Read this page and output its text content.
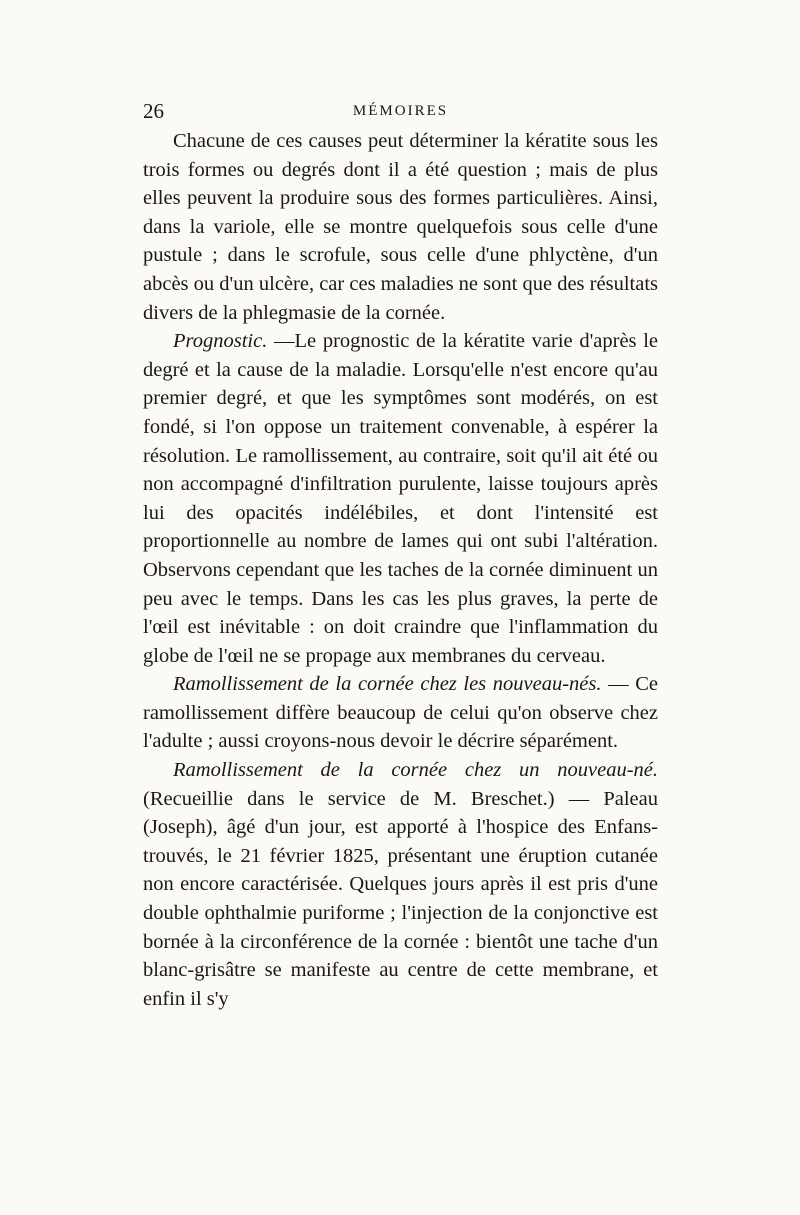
26	MÉMOIRES

Chacune de ces causes peut déterminer la kératite sous les trois formes ou degrés dont il a été question ; mais de plus elles peuvent la produire sous des formes particulières. Ainsi, dans la variole, elle se montre quelquefois sous celle d'une pustule ; dans le scrofule, sous celle d'une phlyctène, d'un abcès ou d'un ulcère, car ces maladies ne sont que des résultats divers de la phlegmasie de la cornée.

Prognostic. —Le prognostic de la kératite varie d'après le degré et la cause de la maladie. Lorsqu'elle n'est encore qu'au premier degré, et que les symptômes sont modérés, on est fondé, si l'on oppose un traitement convenable, à espérer la résolution. Le ramollissement, au contraire, soit qu'il ait été ou non accompagné d'infiltration purulente, laisse toujours après lui des opacités indélébiles, et dont l'intensité est proportionnelle au nombre de lames qui ont subi l'altération. Observons cependant que les taches de la cornée diminuent un peu avec le temps. Dans les cas les plus graves, la perte de l'œil est inévitable : on doit craindre que l'inflammation du globe de l'œil ne se propage aux membranes du cerveau.

Ramollissement de la cornée chez les nouveau-nés. — Ce ramollissement diffère beaucoup de celui qu'on observe chez l'adulte ; aussi croyons-nous devoir le décrire séparément.

Ramollissement de la cornée chez un nouveau-né. (Recueillie dans le service de M. Breschet.) — Paleau (Joseph), âgé d'un jour, est apporté à l'hospice des Enfans-trouvés, le 21 février 1825, présentant une éruption cutanée non encore caractérisée. Quelques jours après il est pris d'une double ophthalmie puriforme ; l'injection de la conjonctive est bornée à la circonférence de la cornée : bientôt une tache d'un blanc-grisâtre se manifeste au centre de cette membrane, et enfin il s'y
